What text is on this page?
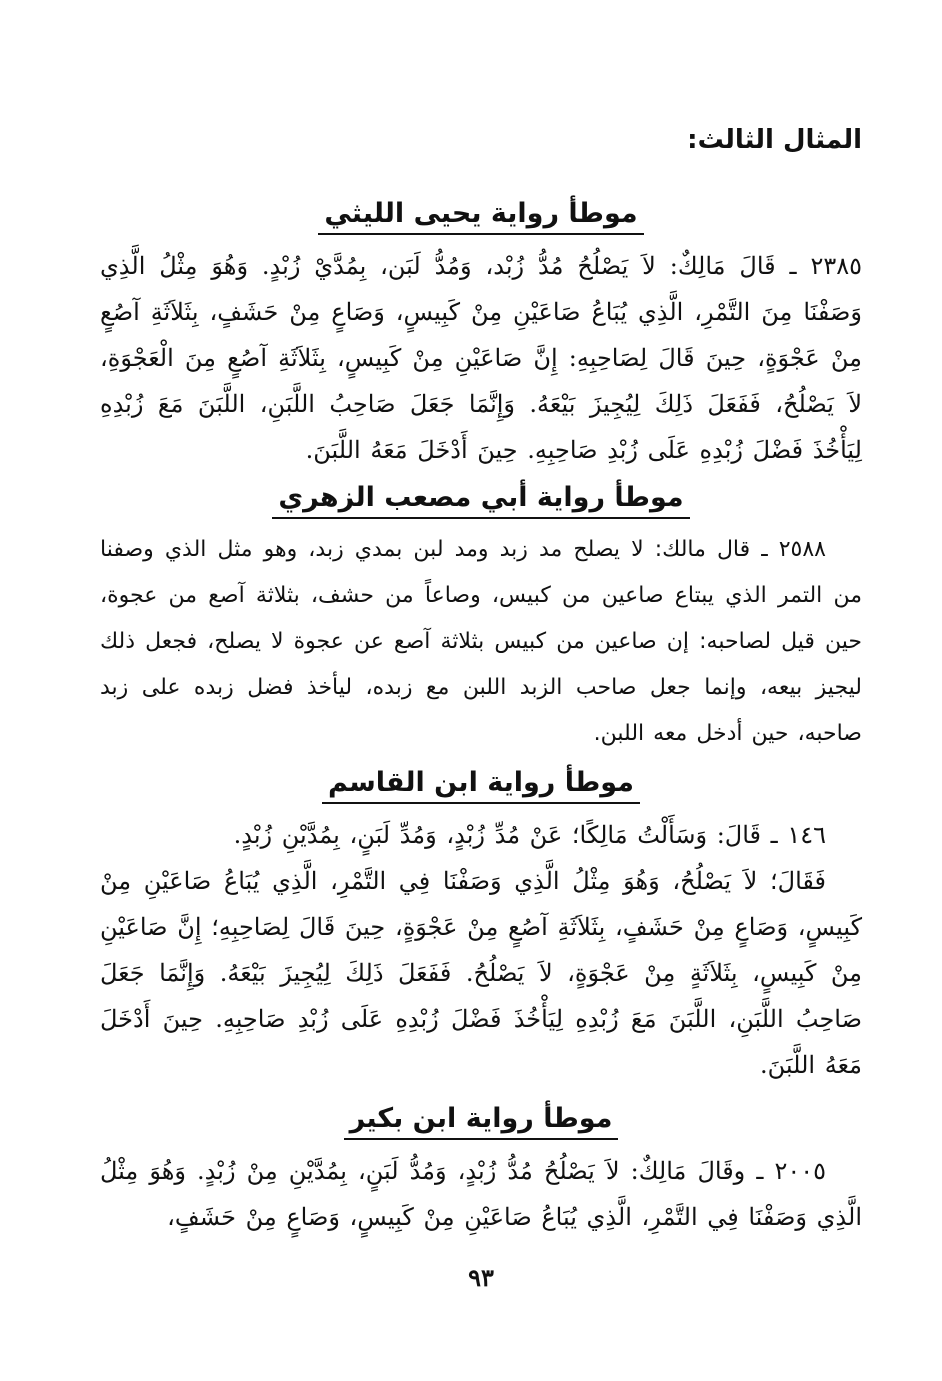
المثال الثالث:
موطأ رواية يحيى الليثي

٢٣٨٥ ـ قَالَ مَالِكٌ: لاَ يَصْلُحُ مُدُّ زُبْد، وَمُدُّ لَبَن، بِمُدَّيْ زُبْدٍ. وَهُوَ مِثْلُ الَّذِي وَصَفْنَا مِنَ التَّمْرِ، الَّذِي يُبَاعُ صَاعَيْنِ مِنْ كَبِيسٍ، وَصَاعٍ مِنْ حَشَفٍ، بِثَلاَثَةِ آصُعٍ مِنْ عَجْوَةٍ، حِينَ قَالَ لِصَاحِبِهِ: إِنَّ صَاعَيْنِ مِنْ كَبِيسٍ، بِثَلاَثَةِ آصُعٍ مِنَ الْعَجْوَةِ، لاَ يَصْلُحُ، فَفَعَلَ ذَلِكَ لِيُجِيزَ بَيْعَهُ. وَإِنَّمَا جَعَلَ صَاحِبُ اللَّبَنِ، اللَّبَنَ مَعَ زُبْدِهِ لِيَأْخُذَ فَضْلَ زُبْدِهِ عَلَى زُبْدِ صَاحِبِهِ. حِينَ أَدْخَلَ مَعَهُ اللَّبَنَ.

موطأ رواية أبي مصعب الزهري

٢٥٨٨ ـ قال مالك: لا يصلح مد زبد ومد لبن بمدي زبد، وهو مثل الذي وصفنا من التمر الذي يبتاع صاعين من كبيس، وصاعاً من حشف، بثلاثة آصع من عجوة، حين قيل لصاحبه: إن صاعين من كبيس بثلاثة آصع عن عجوة لا يصلح، فجعل ذلك ليجيز بيعه، وإنما جعل صاحب الزبد اللبن مع زبده، ليأخذ فضل زبده على زبد صاحبه، حين أدخل معه اللبن.

موطأ رواية ابن القاسم

١٤٦ ـ قَالَ: وَسَأَلْتُ مَالِكًا؛ عَنْ مُدِّ زُبْدٍ، وَمُدِّ لَبَنٍ، بِمُدَّيْنِ زُبْدٍ.

فَقَالَ؛ لاَ يَصْلُحُ، وَهُوَ مِثْلُ الَّذِي وَصَفْنَا فِي التَّمْرِ، الَّذِي يُبَاعُ صَاعَيْنِ مِنْ كَبِيسٍ، وَصَاعٍ مِنْ حَشَفٍ، بِثَلاَثَةِ آصُعٍ مِنْ عَجْوَةٍ، حِينَ قَالَ لِصَاحِبِهِ؛ إِنَّ صَاعَيْنِ مِنْ كَبِيسٍ، بِثَلاَثَةٍ مِنْ عَجْوَةٍ، لاَ يَصْلُحُ. فَفَعَلَ ذَلِكَ لِيُجِيزَ بَيْعَهُ. وَإِنَّمَا جَعَلَ صَاحِبُ اللَّبَنِ، اللَّبَنَ مَعَ زُبْدِهِ لِيَأْخُذَ فَضْلَ زُبْدِهِ عَلَى زُبْدِ صَاحِبِهِ. حِينَ أَدْخَلَ مَعَهُ اللَّبَنَ.

موطأ رواية ابن بكير

٢٠٠٥ ـ وقَالَ مَالِكٌ: لاَ يَصْلُحُ مُدُّ زُبْدٍ، وَمُدُّ لَبَنٍ، بِمُدَّيْنِ مِنْ زُبْدٍ. وَهُوَ مِثْلُ الَّذِي وَصَفْنَا فِي التَّمْرِ، الَّذِي يُبَاعُ صَاعَيْنِ مِنْ كَبِيسٍ، وَصَاعٍ مِنْ حَشَفٍ،

٩٣
